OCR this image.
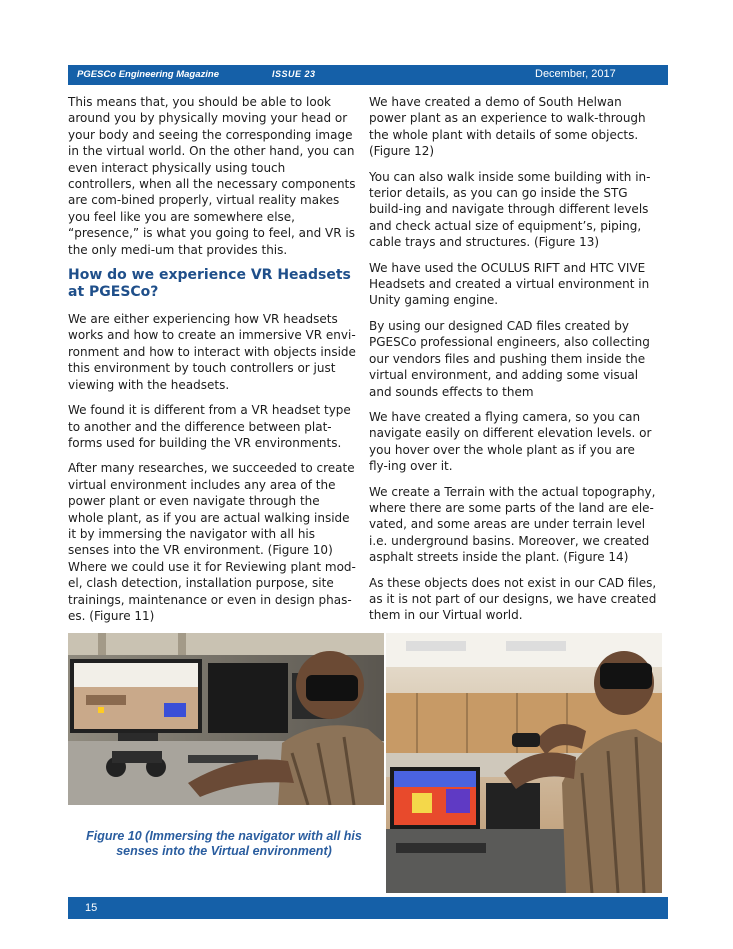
PGESCo Engineering Magazine	ISSUE 23	December, 2017

This means that, you should be able to look around you by physically moving your head or your body and seeing the corresponding image in the virtual world. On the other hand, you can even interact physically using touch controllers, when all the necessary components are com-bined properly, virtual reality makes you feel like you are somewhere else, “presence,” is what you going to feel, and VR is the only medi-um that provides this.

How do we experience VR Headsets at PGESCo?

We are either experiencing how VR headsets works and how to create an immersive VR envi-ronment and how to interact with objects inside this environment by touch controllers or just viewing with the headsets.

We found it is different from a VR headset type to another and the difference between plat-forms used for building the VR environments.

After many researches, we succeeded to create virtual environment includes any area of the power plant or even navigate through the whole plant, as if you are actual walking inside it by immersing the navigator with all his senses into the VR environment. (Figure 10)

Where we could use it for Reviewing plant mod-el, clash detection, installation purpose, site trainings, maintenance or even in design phas-es. (Figure 11)

We have created a demo of South Helwan power plant as an experience to walk-through the whole plant with details of some objects. (Figure 12)

You can also walk inside some building with in-terior details, as you can go inside the STG build-ing and navigate through different levels and check actual size of equipment’s, piping, cable trays and structures. (Figure 13)

We have used the OCULUS RIFT and HTC VIVE Headsets and created a virtual environment in Unity gaming engine.

By using our designed CAD files created by PGESCo professional engineers, also collecting our vendors files and pushing them inside the virtual environment, and adding some visual and sounds effects to them

We have created a flying camera, so you can navigate easily on different elevation levels. or you hover over the whole plant as if you are fly-ing over it.

We create a Terrain with the actual topography, where there are some parts of the land are ele-vated, and some areas are under terrain level i.e. underground basins. Moreover, we created asphalt streets inside the plant. (Figure 14)

As these objects does not exist in our CAD files, as it is not part of our designs, we have created them in our Virtual world.

Figure 10 (Immersing the navigator with all his senses into the Virtual environment)
15
